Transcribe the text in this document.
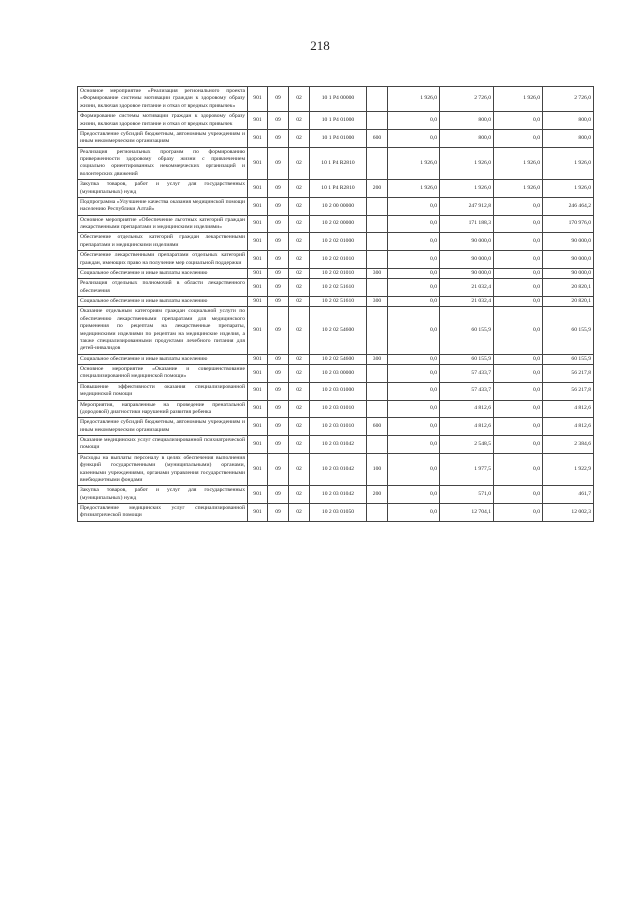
218
Основное мероприятие «Реализация регионального проекта «Формирование системы мотивации граждан к здоровому образу жизни, включая здоровое питание и отказ от вредных привычек»	901	09	02	10 1 P4 00000		1 926,0	2 726,0	1 926,0	2 726,0
Формирование системы мотивации граждан к здоровому образу жизни, включая здоровое питание и отказ от вредных привычек	901	09	02	10 1 P4 01000		0,0	800,0	0,0	800,0
Предоставление субсидий бюджетным, автономным учреждениям и иным некоммерческим организациям	901	09	02	10 1 P4 01000	600	0,0	800,0	0,0	800,0
Реализация региональных программ по формированию приверженности здоровому образу жизни с привлечением социально ориентированных некоммерческих организаций и волонтерских движений	901	09	02	10 1 P4 R2810		1 926,0	1 926,0	1 926,0	1 926,0
Закупка товаров, работ и услуг для государственных (муниципальных) нужд	901	09	02	10 1 P4 R2810	200	1 926,0	1 926,0	1 926,0	1 926,0
Подпрограмма «Улучшение качества оказания медицинской помощи населению Республики Алтай»	901	09	02	10 2 00 00000		0,0	247 912,8	0,0	246 464,2
Основное мероприятие «Обеспечение льготных категорий граждан лекарственными препаратами и медицинскими изделиями»	901	09	02	10 2 02 00000		0,0	171 188,3	0,0	170 976,0
Обеспечение отдельных категорий граждан лекарственными препаратами и медицинскими изделиями	901	09	02	10 2 02 01000		0,0	90 000,0	0,0	90 000,0
Обеспечение лекарственными препаратами отдельных категорий граждан, имеющих право на получение мер социальной поддержки	901	09	02	10 2 02 01010		0,0	90 000,0	0,0	90 000,0
Социальное обеспечение и иные выплаты населению	901	09	02	10 2 02 01010	300	0,0	90 000,0	0,0	90 000,0
Реализация отдельных полномочий в области лекарственного обеспечения	901	09	02	10 2 02 51610		0,0	21 032,4	0,0	20 820,1
Социальное обеспечение и иные выплаты населению	901	09	02	10 2 02 51610	300	0,0	21 032,4	0,0	20 820,1
Оказание отдельным категориям граждан социальной услуги по обеспечению лекарственными препаратами для медицинского применения по рецептам на лекарственные препараты, медицинскими изделиями по рецептам на медицинские изделия, а также специализированными продуктами лечебного питания для детей-инвалидов	901	09	02	10 2 02 54600		0,0	60 155,9	0,0	60 155,9
Социальное обеспечение и иные выплаты населению	901	09	02	10 2 02 54600	300	0,0	60 155,9	0,0	60 155,9
Основное мероприятие «Оказание и совершенствование специализированной медицинской помощи»	901	09	02	10 2 03 00000		0,0	57 433,7	0,0	56 217,8
Повышение эффективности оказания специализированной медицинской помощи	901	09	02	10 2 03 01000		0,0	57 433,7	0,0	56 217,8
Мероприятия, направленные на проведение пренатальной (дородовой) диагностики нарушений развития ребенка	901	09	02	10 2 03 01010		0,0	4 812,6	0,0	4 812,6
Предоставление субсидий бюджетным, автономным учреждениям и иным некоммерческим организациям	901	09	02	10 2 03 01010	600	0,0	4 812,6	0,0	4 812,6
Оказание медицинских услуг специализированной психиатрической помощи	901	09	02	10 2 03 01042		0,0	2 548,5	0,0	2 384,6
Расходы на выплаты персоналу в целях обеспечения выполнения функций государственными (муниципальными) органами, казенными учреждениями, органами управления государственными внебюджетными фондами	901	09	02	10 2 03 01042	100	0,0	1 977,5	0,0	1 922,9
Закупка товаров, работ и услуг для государственных (муниципальных) нужд	901	09	02	10 2 03 01042	200	0,0	571,0	0,0	461,7
Предоставление медицинских услуг специализированной фтизиатрической помощи	901	09	02	10 2 03 01050		0,0	12 704,1	0,0	12 002,3
